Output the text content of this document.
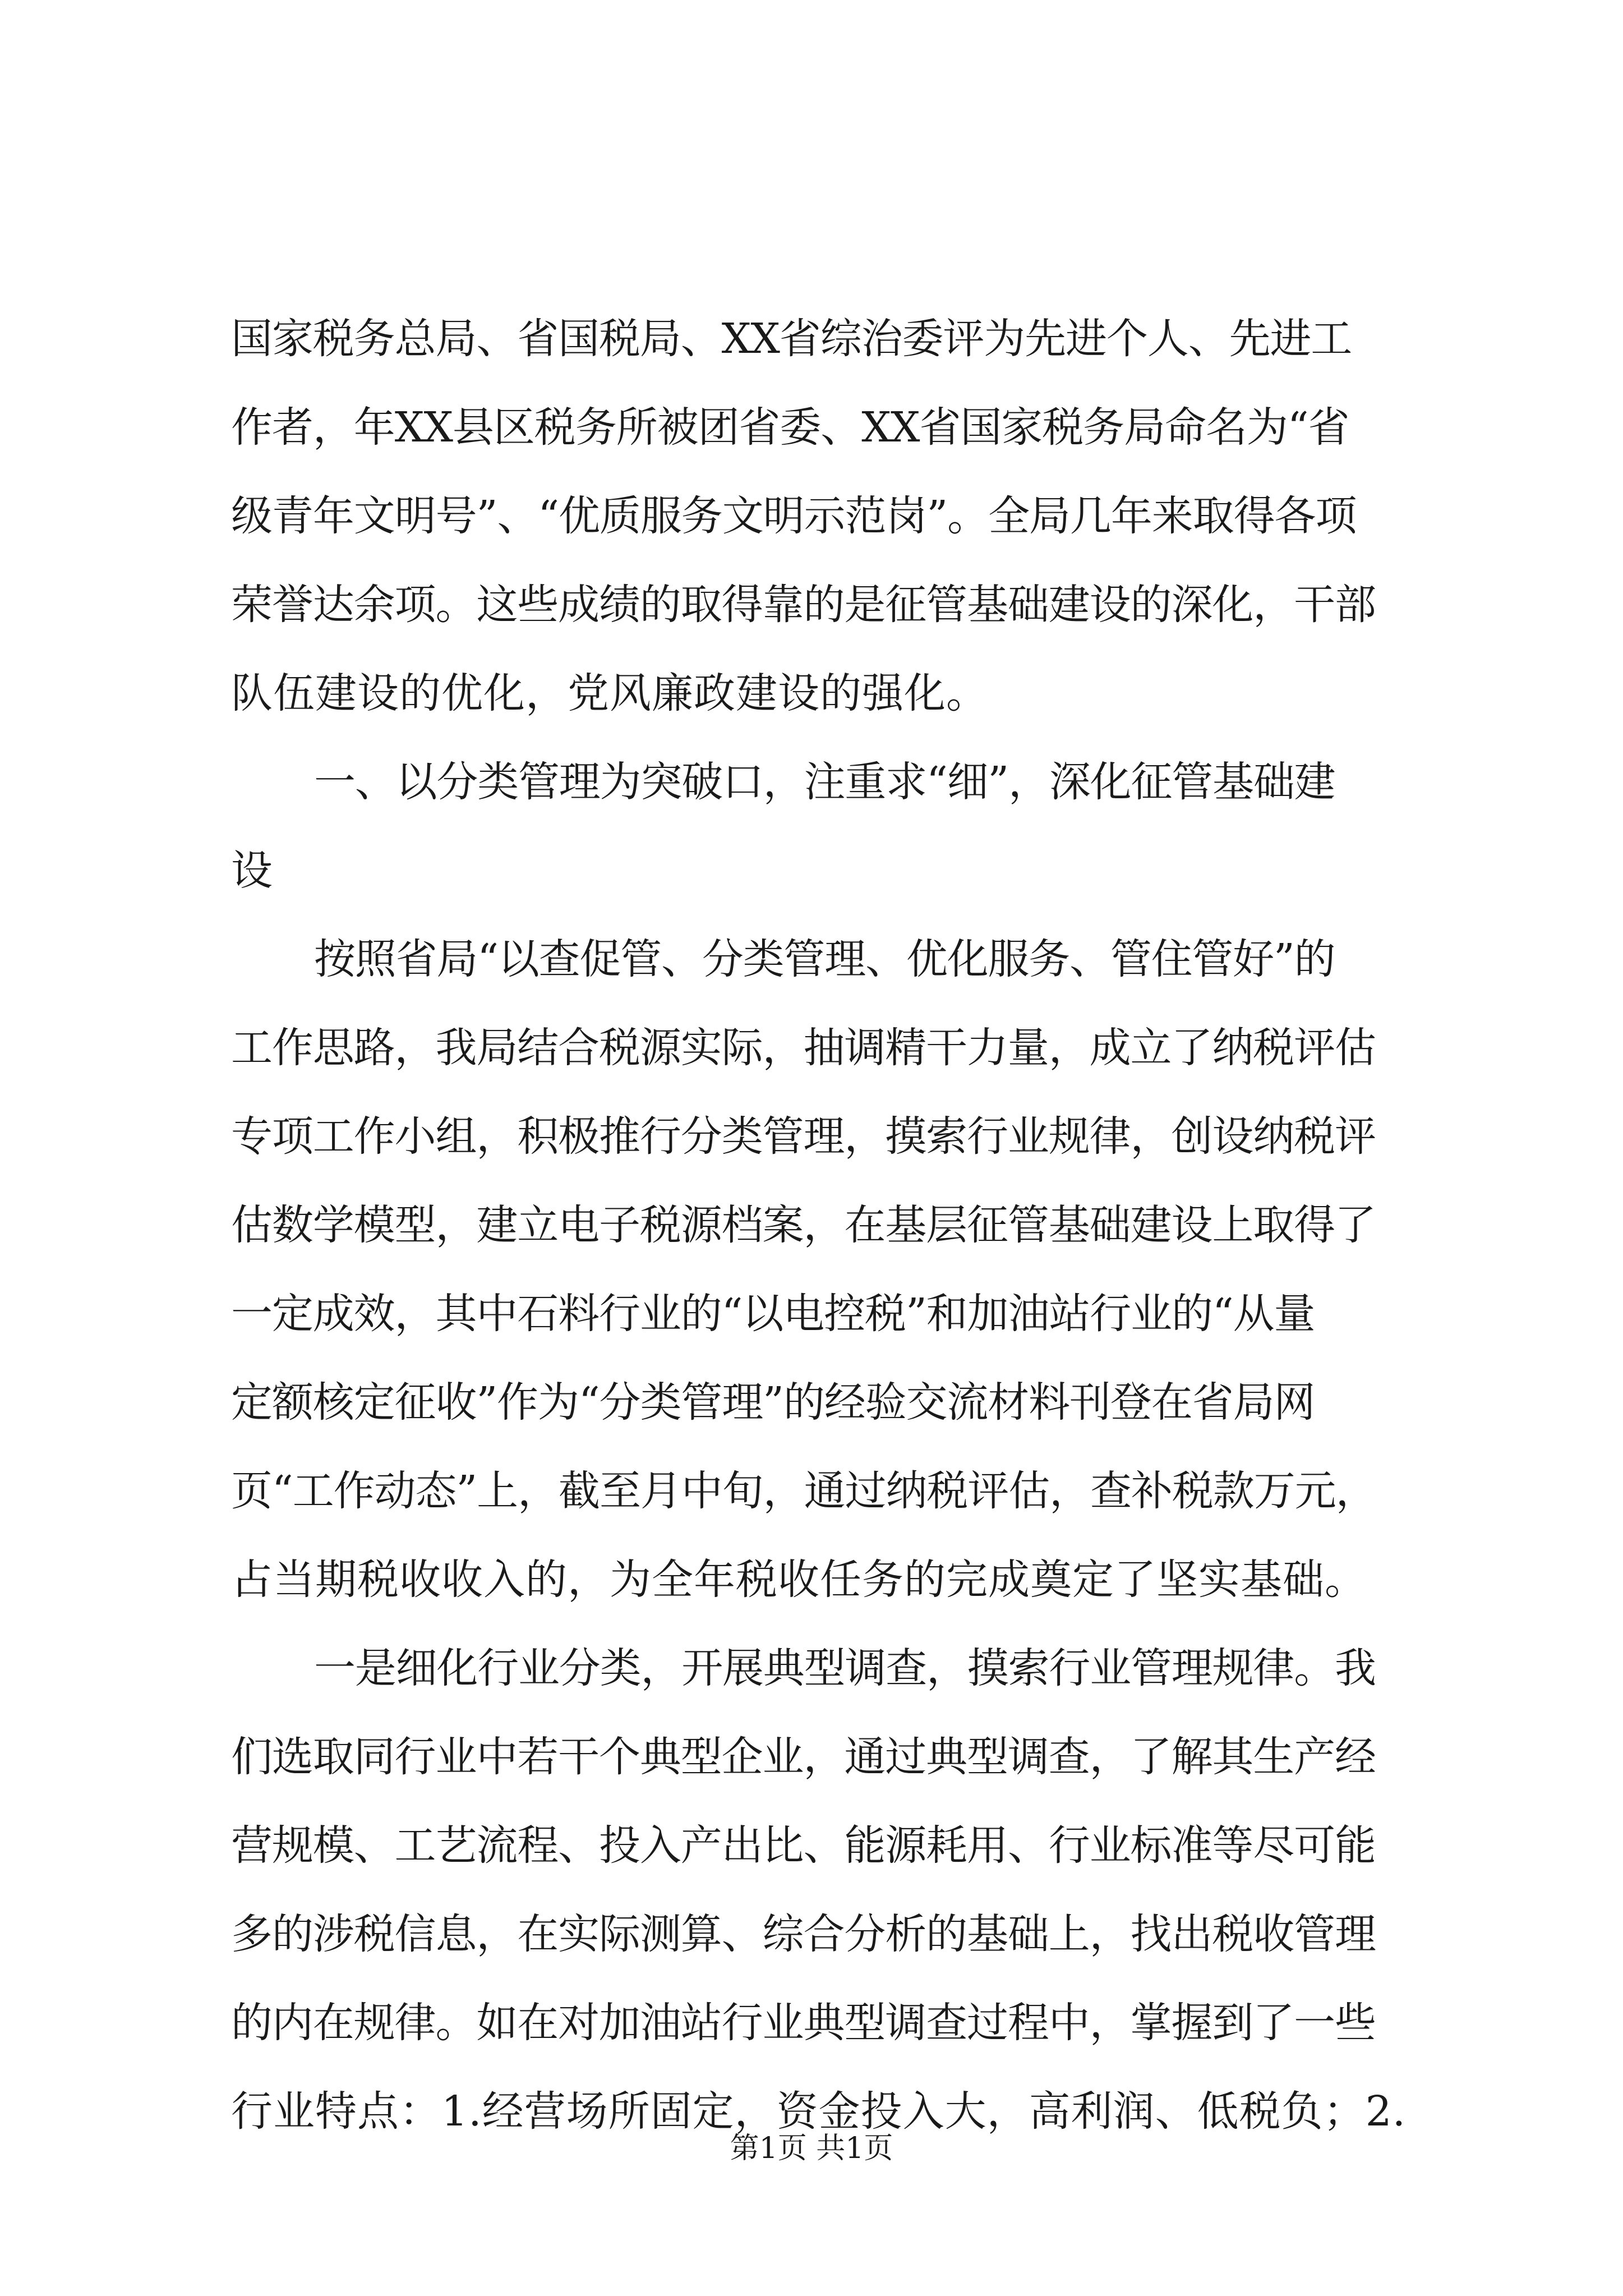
国家税务总局、省国税局、XX省综治委评为先进个人、先进工
作者，年XX县区税务所被团省委、XX省国家税务局命名为“省
级青年文明号”、“优质服务文明示范岗”。全局几年来取得各项
荣誉达余项。这些成绩的取得靠的是征管基础建设的深化，干部
队伍建设的优化，党风廉政建设的强化。
一、以分类管理为突破口，注重求“细”，深化征管基础建
设
按照省局“以查促管、分类管理、优化服务、管住管好”的
工作思路，我局结合税源实际，抽调精干力量，成立了纳税评估
专项工作小组，积极推行分类管理，摸索行业规律，创设纳税评
估数学模型，建立电子税源档案，在基层征管基础建设上取得了
一定成效，其中石料行业的“以电控税”和加油站行业的“从量
定额核定征收”作为“分类管理”的经验交流材料刊登在省局网
页“工作动态”上，截至月中旬，通过纳税评估，查补税款万元，
占当期税收收入的，为全年税收任务的完成奠定了坚实基础。
一是细化行业分类，开展典型调查，摸索行业管理规律。我
们选取同行业中若干个典型企业，通过典型调查，了解其生产经
营规模、工艺流程、投入产出比、能源耗用、行业标准等尽可能
多的涉税信息，在实际测算、综合分析的基础上，找出税收管理
的内在规律。如在对加油站行业典型调查过程中，掌握到了一些
行业特点：1.经营场所固定，资金投入大，高利润、低税负；2.
第1页 共1页
